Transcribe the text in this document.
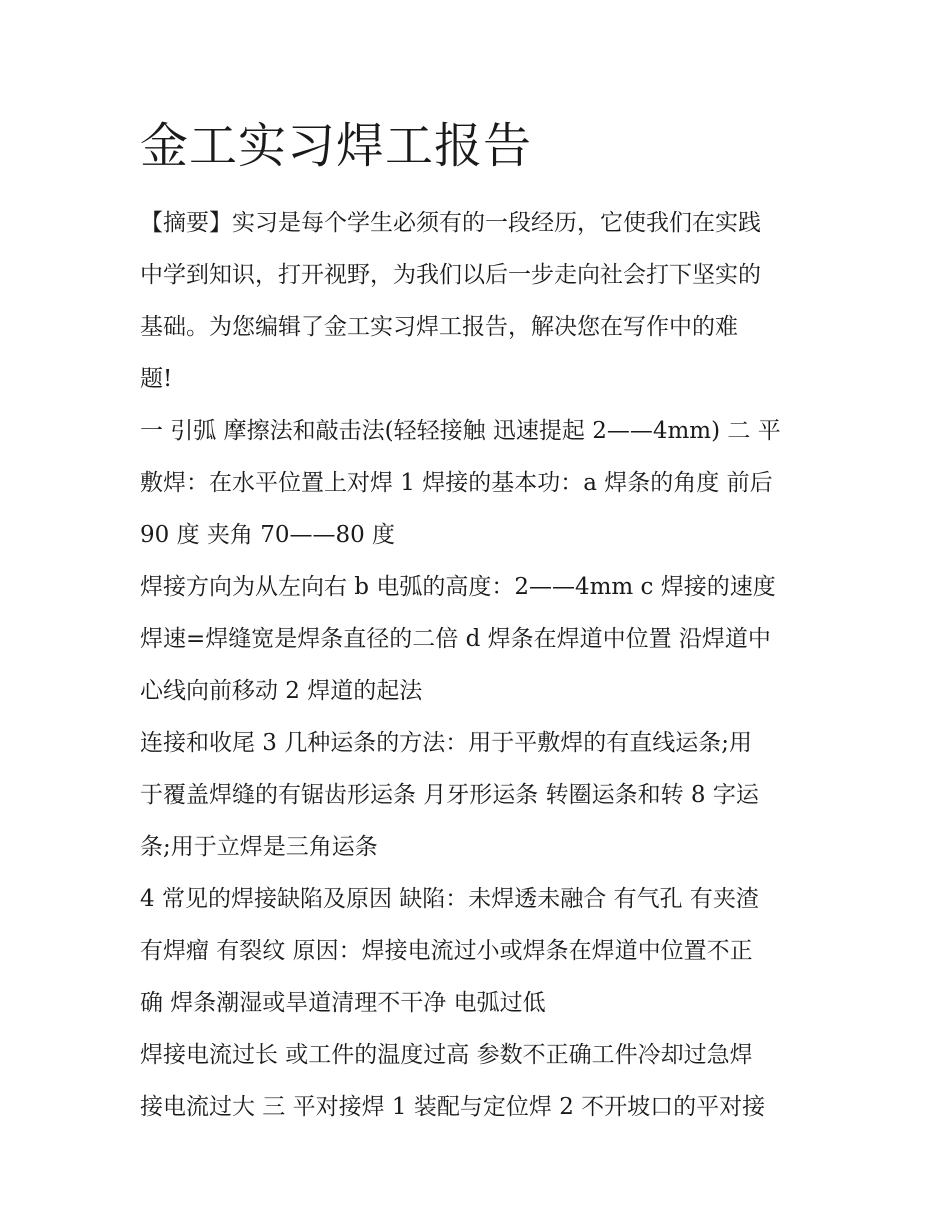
金工实习焊工报告
【摘要】实习是每个学生必须有的一段经历，它使我们在实践
中学到知识，打开视野，为我们以后一步走向社会打下坚实的
基础。为您编辑了金工实习焊工报告，解决您在写作中的难
题!
一 引弧 摩擦法和敲击法(轻轻接触 迅速提起 2——4mm) 二 平
敷焊：在水平位置上对焊 1 焊接的基本功：a 焊条的角度 前后
90 度 夹角 70——80 度
焊接方向为从左向右 b 电弧的高度：2——4mm c 焊接的速度
焊速=焊缝宽是焊条直径的二倍 d 焊条在焊道中位置 沿焊道中
心线向前移动 2 焊道的起法
连接和收尾 3 几种运条的方法：用于平敷焊的有直线运条;用
于覆盖焊缝的有锯齿形运条 月牙形运条 转圈运条和转 8 字运
条;用于立焊是三角运条
4 常见的焊接缺陷及原因 缺陷：未焊透未融合 有气孔 有夹渣
有焊瘤 有裂纹 原因：焊接电流过小或焊条在焊道中位置不正
确 焊条潮湿或旱道清理不干净 电弧过低
焊接电流过长 或工件的温度过高 参数不正确工件冷却过急焊
接电流过大 三 平对接焊 1 装配与定位焊 2 不开坡口的平对接
